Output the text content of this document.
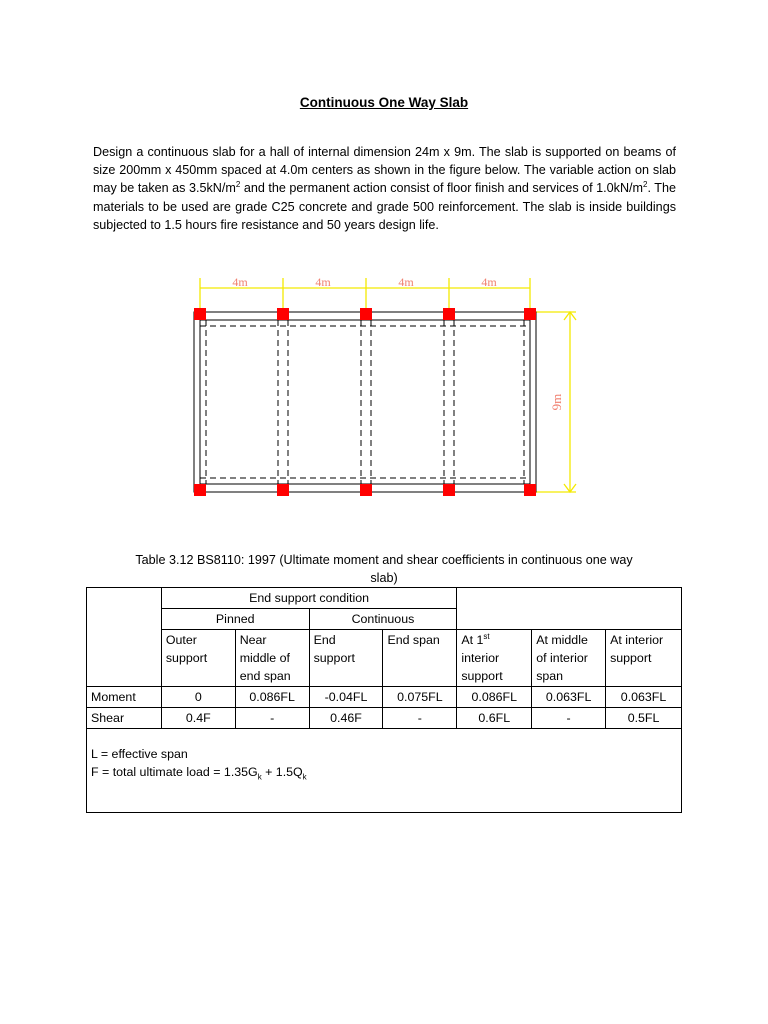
Continuous One Way Slab

Design a continuous slab for a hall of internal dimension 24m x 9m. The slab is supported on beams of size 200mm x 450mm spaced at 4.0m centers as shown in the figure below. The variable action on slab may be taken as $3.5kN/m^2$ and the permanent action consist of floor finish and services of $1.0kN/m^2$. The materials to be used are grade C25 concrete and grade 500 reinforcement. The slab is inside buildings subjected to 1.5 hours fire resistance and 50 years design life.

4m	4m	4m	4m
9m
Table 3.12 BS8110: 1997 (Ultimate moment and shear coefficients in continuous one way slab)
	End support condition						
	Pinned		Continuous				
	Outer support	Near middle of end span	End support	End span	At 1st interior support	At middle of interior span	At interior support
Moment	0	0.086FL	-0.04FL	0.075FL	0.086FL	0.063FL	0.063FL
Shear	0.4F	-	0.46F	-	0.6FL	-	0.5FL

L = effective span
F = total ultimate load = $1.35G_k + 1.5Q_k$
